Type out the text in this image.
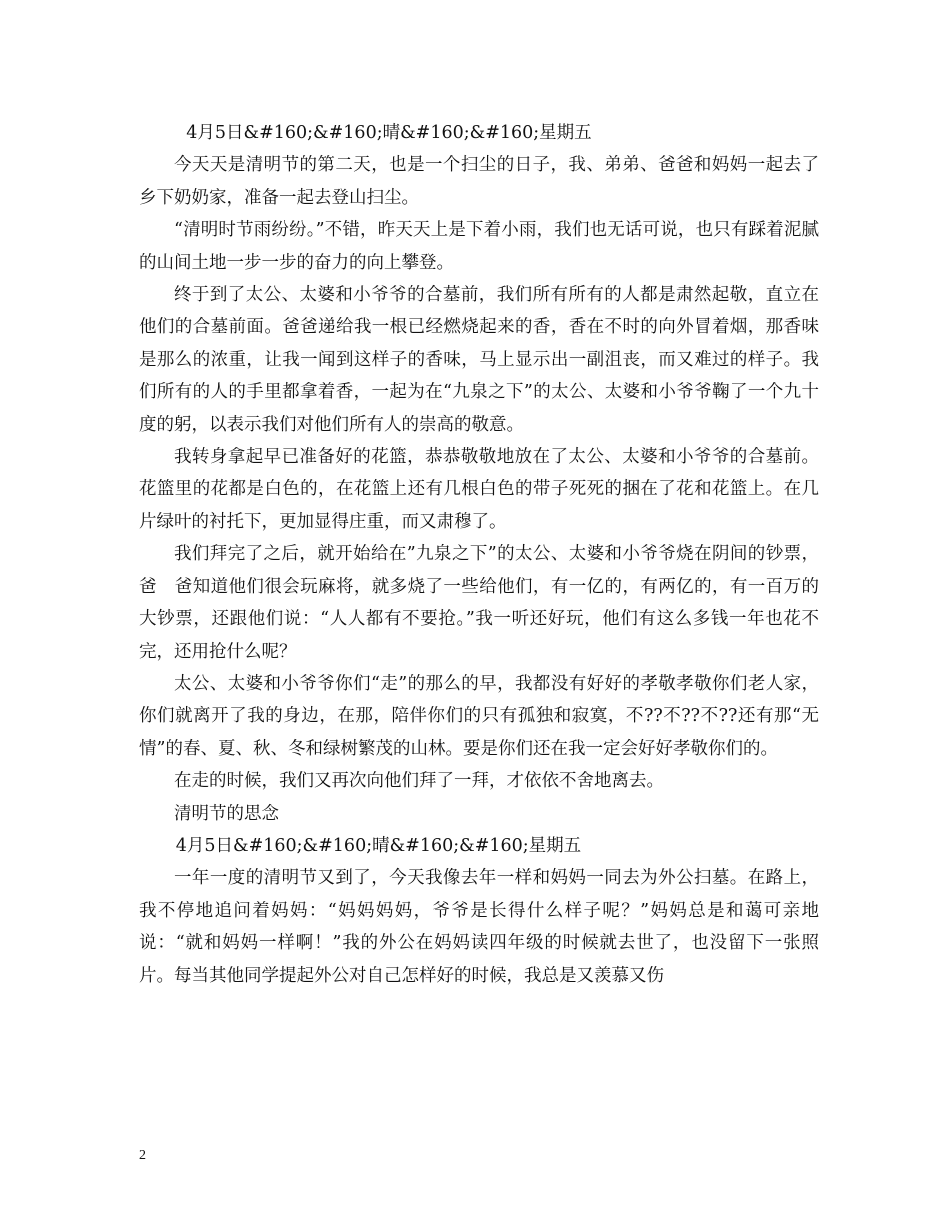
4月5日&#160;&#160;晴&#160;&#160;星期五

今天天是清明节的第二天，也是一个扫尘的日子，我、弟弟、爸爸和妈妈一起去了乡下奶奶家，准备一起去登山扫尘。

“清明时节雨纷纷。”不错，昨天天上是下着小雨，我们也无话可说，也只有踩着泥腻的山间土地一步一步的奋力的向上攀登。

终于到了太公、太婆和小爷爷的合墓前，我们所有所有的人都是肃然起敬，直立在他们的合墓前面。爸爸递给我一根已经燃烧起来的香，香在不时的向外冒着烟，那香味是那么的浓重，让我一闻到这样子的香味，马上显示出一副沮丧，而又难过的样子。我们所有的人的手里都拿着香，一起为在“九泉之下”的太公、太婆和小爷爷鞠了一个九十度的躬，以表示我们对他们所有人的崇高的敬意。

我转身拿起早已准备好的花篮，恭恭敬敬地放在了太公、太婆和小爷爷的合墓前。花篮里的花都是白色的，在花篮上还有几根白色的带子死死的捆在了花和花篮上。在几片绿叶的衬托下，更加显得庄重，而又肃穆了。

我们拜完了之后，就开始给在”九泉之下”的太公、太婆和小爷爷烧在阴间的钞票，爸　爸知道他们很会玩麻将，就多烧了一些给他们，有一亿的，有两亿的，有一百万的大钞票，还跟他们说：“人人都有不要抢。”我一听还好玩，他们有这么多钱一年也花不完，还用抢什么呢？

太公、太婆和小爷爷你们“走”的那么的早，我都没有好好的孝敬孝敬你们老人家，你们就离开了我的身边，在那，陪伴你们的只有孤独和寂寞，不??不??不??还有那“无情”的春、夏、秋、冬和绿树繁茂的山林。要是你们还在我一定会好好孝敬你们的。

在走的时候，我们又再次向他们拜了一拜，才依依不舍地离去。

清明节的思念

4月5日&#160;&#160;晴&#160;&#160;星期五

一年一度的清明节又到了，今天我像去年一样和妈妈一同去为外公扫墓。在路上，我不停地追问着妈妈：“妈妈妈妈，爷爷是长得什么样子呢？”妈妈总是和蔼可亲地说：“就和妈妈一样啊！”我的外公在妈妈读四年级的时候就去世了，也没留下一张照片。每当其他同学提起外公对自己怎样好的时候，我总是又羡慕又伤

2
